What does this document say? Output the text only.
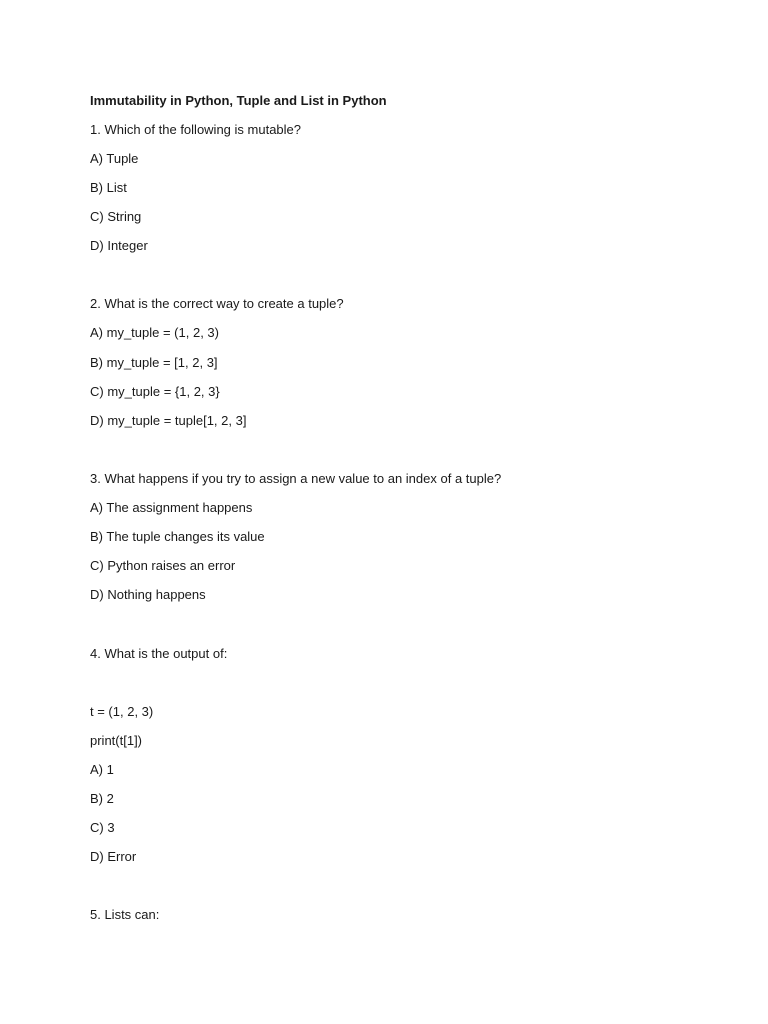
Immutability in Python, Tuple and List in Python
1. Which of the following is mutable?
A) Tuple
B) List
C) String
D) Integer
2. What is the correct way to create a tuple?
A) my_tuple = (1, 2, 3)
B) my_tuple = [1, 2, 3]
C) my_tuple = {1, 2, 3}
D) my_tuple = tuple[1, 2, 3]
3. What happens if you try to assign a new value to an index of a tuple?
A) The assignment happens
B) The tuple changes its value
C) Python raises an error
D) Nothing happens
4. What is the output of:
t = (1, 2, 3)
print(t[1])
A) 1
B) 2
C) 3
D) Error
5. Lists can:
